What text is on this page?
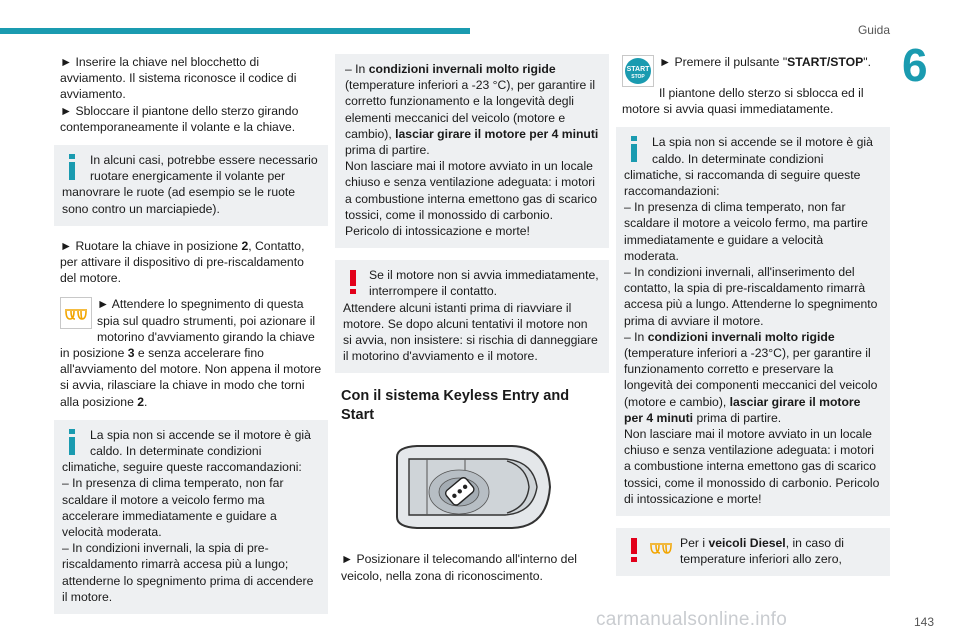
Guida
6

► Inserire la chiave nel blocchetto di avviamento. Il sistema riconosce il codice di avviamento.

► Sbloccare il piantone dello sterzo girando contemporaneamente il volante e la chiave.

In alcuni casi, potrebbe essere necessario ruotare energicamente il volante per manovrare le ruote (ad esempio se le ruote sono contro un marciapiede).

► Ruotare la chiave in posizione 2, Contatto, per attivare il dispositivo di pre-riscaldamento del motore.

► Attendere lo spegnimento di questa spia sul quadro strumenti, poi azionare il motorino d'avviamento girando la chiave in posizione 3 e senza accelerare fino all'avviamento del motore. Non appena il motore si avvia, rilasciare la chiave in modo che torni alla posizione 2.

La spia non si accende se il motore è già caldo. In determinate condizioni climatiche, seguire queste raccomandazioni:

– In presenza di clima temperato, non far scaldare il motore a veicolo fermo ma accelerare immediatamente e guidare a velocità moderata.

– In condizioni invernali, la spia di pre-riscaldamento rimarrà accesa più a lungo; attenderne lo spegnimento prima di accendere il motore.

– In condizioni invernali molto rigide (temperature inferiori a -23 °C), per garantire il corretto funzionamento e la longevità degli elementi meccanici del veicolo (motore e cambio), lasciar girare il motore per 4 minuti prima di partire.

Non lasciare mai il motore avviato in un locale chiuso e senza ventilazione adeguata: i motori a combustione interna emettono gas di scarico tossici, come il monossido di carbonio. Pericolo di intossicazione e morte!

Se il motore non si avvia immediatamente, interrompere il contatto.

Attendere alcuni istanti prima di riavviare il motore. Se dopo alcuni tentativi il motore non si avvia, non insistere: si rischia di danneggiare il motorino d'avviamento e il motore.

Con il sistema Keyless Entry and Start

► Posizionare il telecomando all'interno del veicolo, nella zona di riconoscimento.

START
STOP

► Premere il pulsante "START/STOP".

Il piantone dello sterzo si sblocca ed il motore si avvia quasi immediatamente.

La spia non si accende se il motore è già caldo. In determinate condizioni climatiche, si raccomanda di seguire queste raccomandazioni:

– In presenza di clima temperato, non far scaldare il motore a veicolo fermo, ma partire immediatamente e guidare a velocità moderata.

– In condizioni invernali, all'inserimento del contatto, la spia di pre-riscaldamento rimarrà accesa più a lungo. Attenderne lo spegnimento prima di avviare il motore.

– In condizioni invernali molto rigide (temperature inferiori a -23°C), per garantire il funzionamento corretto e preservare la longevità dei componenti meccanici del veicolo (motore e cambio), lasciar girare il motore per 4 minuti prima di partire.

Non lasciare mai il motore avviato in un locale chiuso e senza ventilazione adeguata: i motori a combustione interna emettono gas di scarico tossici, come il monossido di carbonio. Pericolo di intossicazione e morte!

Per i veicoli Diesel, in caso di temperature inferiori allo zero,

carmanualsonline.info	143
